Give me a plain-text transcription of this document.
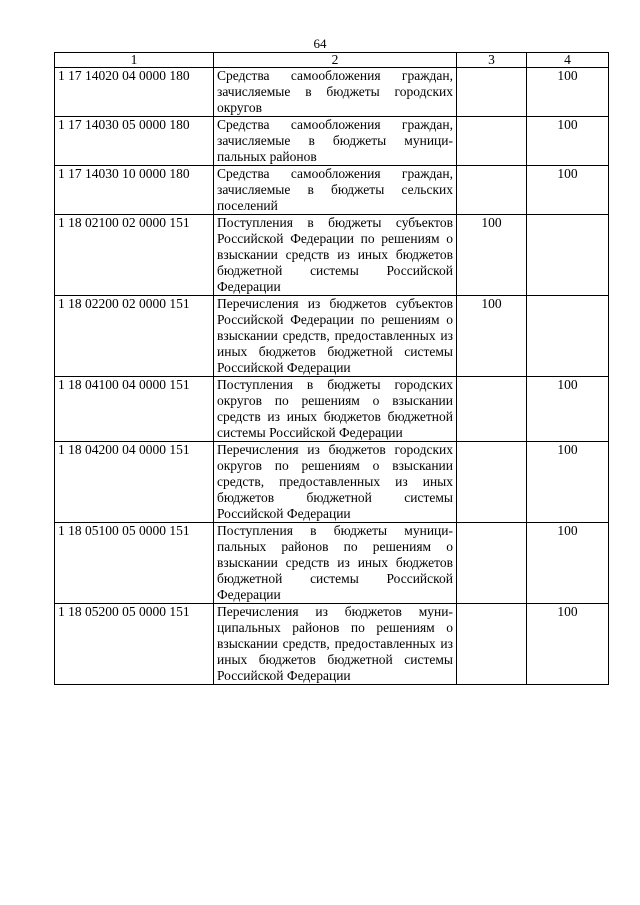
64
1	2	3	4
1 17 14020 04 0000 180	Средства самообложения граждан, зачисляемые в бюджеты городских округов		100
1 17 14030 05 0000 180	Средства самообложения граждан, зачисляемые в бюджеты муниципальных районов		100
1 17 14030 10 0000 180	Средства самообложения граждан, зачисляемые в бюджеты сельских поселений		100
1 18 02100 02 0000 151	Поступления в бюджеты субъектов Российской Федерации по решениям о взыскании средств из иных бюджетов бюджетной системы Российской Федерации	100	
1 18 02200 02 0000 151	Перечисления из бюджетов субъектов Российской Федерации по решениям о взыскании средств, предоставленных из иных бюджетов бюджетной системы Российской Федерации	100	
1 18 04100 04 0000 151	Поступления в бюджеты городских округов по решениям о взыскании средств из иных бюджетов бюджетной системы Российской Федерации		100
1 18 04200 04 0000 151	Перечисления из бюджетов городских округов по решениям о взыскании средств, предоставленных из иных бюджетов бюджетной системы Российской Федерации		100
1 18 05100 05 0000 151	Поступления в бюджеты муниципальных районов по решениям о взыскании средств из иных бюджетов бюджетной системы Российской Федерации		100
1 18 05200 05 0000 151	Перечисления из бюджетов муниципальных районов по решениям о взыскании средств, предоставленных из иных бюджетов бюджетной системы Российской Федерации		100
